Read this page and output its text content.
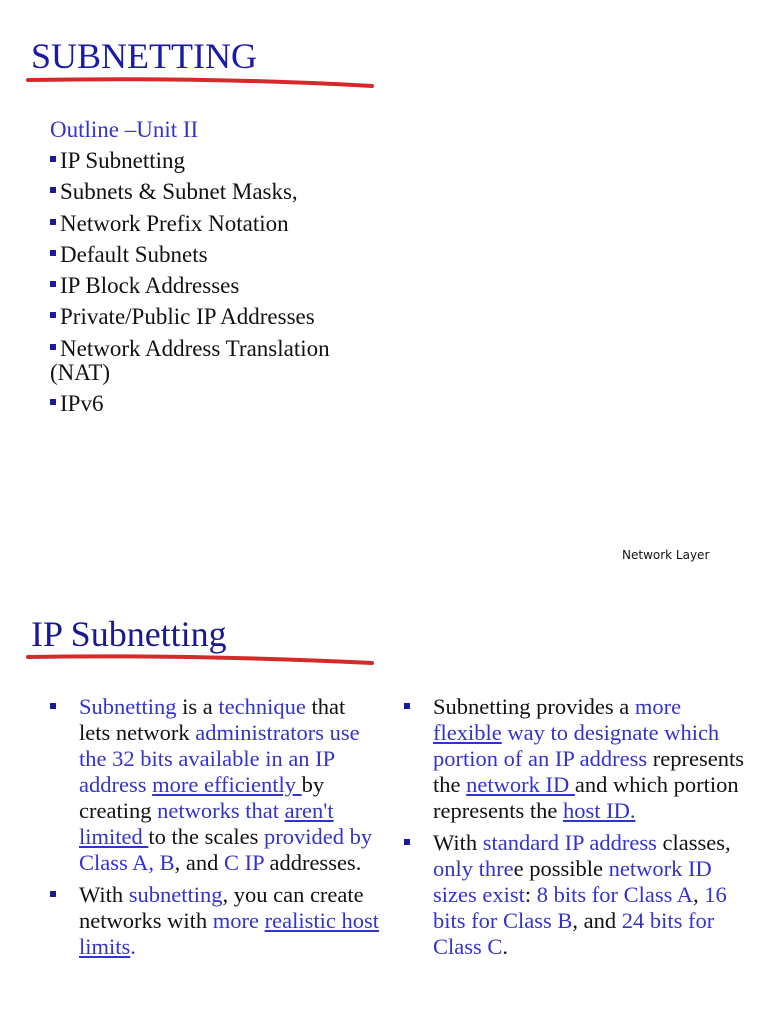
SUBNETTING
Outline –Unit II
IP Subnetting
Subnets & Subnet Masks,
Network Prefix Notation
Default Subnets
IP Block Addresses
Private/Public IP Addresses
Network Address Translation (NAT)
IPv6
Network Layer
IP Subnetting
Subnetting is a technique that lets network administrators use the 32 bits available in an IP address more efficiently by creating networks that aren't limited to the scales provided by Class A, B, and C IP addresses.
With subnetting, you can create networks with more realistic host limits.
Subnetting provides a more flexible way to designate which portion of an IP address represents the network ID and which portion represents the host ID.
With standard IP address classes, only three possible network ID sizes exist: 8 bits for Class A, 16 bits for Class B, and 24 bits for Class C.
